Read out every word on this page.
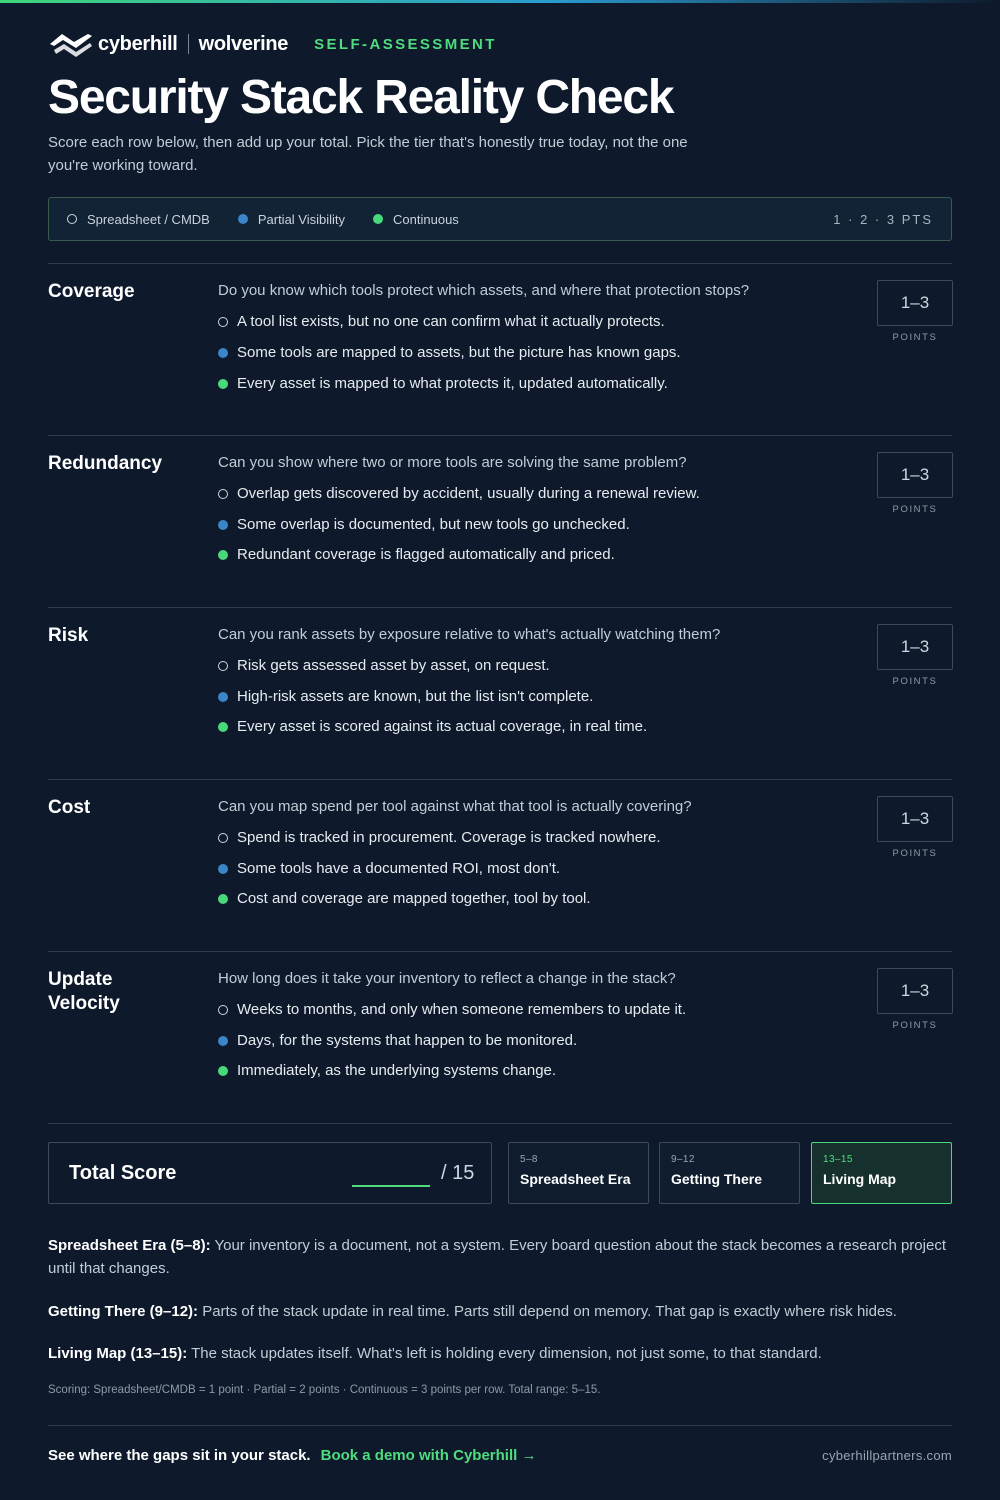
cyberhill wolverine SELF-ASSESSMENT
Security Stack Reality Check

Score each row below, then add up your total. Pick the tier that's honestly true today, not the one you're working toward.

Spreadsheet / CMDB	Partial Visibility	Continuous	1 · 2 · 3 PTS
Coverage	Do you know which tools protect which assets, and where that protection stops?
A tool list exists, but no one can confirm what it actually protects.
Some tools are mapped to assets, but the picture has known gaps.
Every asset is mapped to what protects it, updated automatically.
1–3
POINTS
Redundancy	Can you show where two or more tools are solving the same problem?
Overlap gets discovered by accident, usually during a renewal review.
Some overlap is documented, but new tools go unchecked.
Redundant coverage is flagged automatically and priced.
1–3
POINTS
Risk	Can you rank assets by exposure relative to what's actually watching them?
Risk gets assessed asset by asset, on request.
High-risk assets are known, but the list isn't complete.
Every asset is scored against its actual coverage, in real time.
1–3
POINTS
Cost	Can you map spend per tool against what that tool is actually covering?
Spend is tracked in procurement. Coverage is tracked nowhere.
Some tools have a documented ROI, most don't.
Cost and coverage are mapped together, tool by tool.
1–3
POINTS
Update
Velocity
How long does it take your inventory to reflect a change in the stack?
Weeks to months, and only when someone remembers to update it.
Days, for the systems that happen to be monitored.
Immediately, as the underlying systems change.
1–3
POINTS
Total Score	/ 15
5–8
Spreadsheet Era
9–12
Getting There
13–15
Living Map

Spreadsheet Era (5–8): Your inventory is a document, not a system. Every board question about the stack becomes a research project until that changes.

Getting There (9–12): Parts of the stack update in real time. Parts still depend on memory. That gap is exactly where risk hides.

Living Map (13–15): The stack updates itself. What's left is holding every dimension, not just some, to that standard.

Scoring: Spreadsheet/CMDB = 1 point · Partial = 2 points · Continuous = 3 points per row. Total range: 5–15.

See where the gaps sit in your stack. Book a demo with Cyberhill →	cyberhillpartners.com
